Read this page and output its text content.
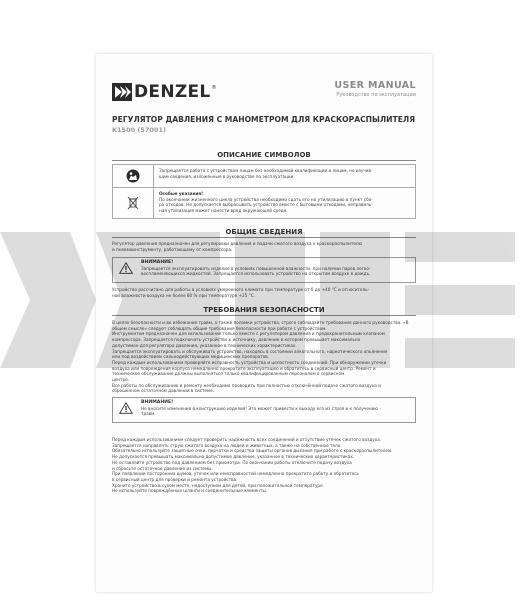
DENZEL ®	USER MANUAL
Руководство по эксплуатации
РЕГУЛЯТОР ДАВЛЕНИЯ С МАНОМЕТРОМ ДЛЯ КРАСКОРАСПЫЛИТЕЛЯ
K1500 (57001)
ОПИСАНИЕ СИМВОЛОВ
Запрещается работа с устройством лицам без необходимой квалификации и лицам, не изучив-
шим сведения, изложенные в руководстве по эксплуатации.
Особые указания!
По окончании жизненного цикла устройства необходимо сдать его на утилизацию в пункт сбо-
ра отходов. Не допускается выбрасывать устройство вместе с бытовыми отходами, неправиль-
ная утилизация может нанести вред окружающей среде.
ОБЩИЕ СВЕДЕНИЯ
Регулятор давления предназначен для регулировки давления и подачи сжатого воздуха к краскораспылителю
и пневмоинструменту, работающему от компрессора.
ВНИМАНИЕ!
Запрещается эксплуатировать изделие в условиях повышенной влажности, при наличии паров легко-
воспламеняющихся жидкостей. Запрещается использовать устройство на открытом воздухе в дождь.
Устройство рассчитано для работы в условиях умеренного климата при температуре от 0 до +40 °С и относитель-
ной влажности воздуха не более 80 % при температуре +25 °С.
ТРЕБОВАНИЯ БЕЗОПАСНОСТИ
В целях безопасности и во избежание травм, а также поломки устройства, строго соблюдайте требования данного руководства. «В
общем смысле» следует соблюдать общие требования безопасности при работе с устройством.
Инструментом предназначен для использования только вместе с регулятором давления и предохранительным клапаном
компрессора. Запрещается подключать устройство к источнику, давление в котором превышает максимально
допустимое для регулятора давления, указанное в технических характеристиках.
Запрещается эксплуатировать и обслуживать устройство, находясь в состоянии алкогольного, наркотического опьянения
или под воздействием сильнодействующих медицинских препаратов.
Перед каждым использованием проверяйте исправность устройства и целостность соединений. При обнаружении утечки
воздуха или повреждения корпуса немедленно прекратите эксплуатацию и обратитесь в сервисный центр. Ремонт и
техническое обслуживание должны выполняться только квалифицированным персоналом в сервисном
центре.
Все работы по обслуживанию и ремонту необходимо проводить при полностью отключённой подаче сжатого воздуха и
сброшенном остаточном давлении в системе.
ВНИМАНИЕ!
Не вносите изменения в конструкцию изделия! Это может привести к выходу его из строя и к получению
травм.
Перед каждым использованием следует проверить надёжность всех соединений и отсутствие утечек сжатого воздуха.
Запрещается направлять струю сжатого воздуха на людей и животных, а также на собственное тело.
Обязательно используйте защитные очки, перчатки и средства защиты органов дыхания при работе с краскораспылителем.
Не допускается превышать максимально допустимое давление, указанное в технических характеристиках.
Не оставляйте устройство под давлением без присмотра. По окончании работы отключите подачу воздуха
и сбросьте остаточное давление из системы.
При появлении посторонних шумов, утечек или неисправностей немедленно прекратите работу и обратитесь
в сервисный центр для проверки и ремонта устройства.
Храните устройство в сухом месте, недоступном для детей, при положительной температуре.
Не используйте повреждённые шланги и соединительные элементы.
